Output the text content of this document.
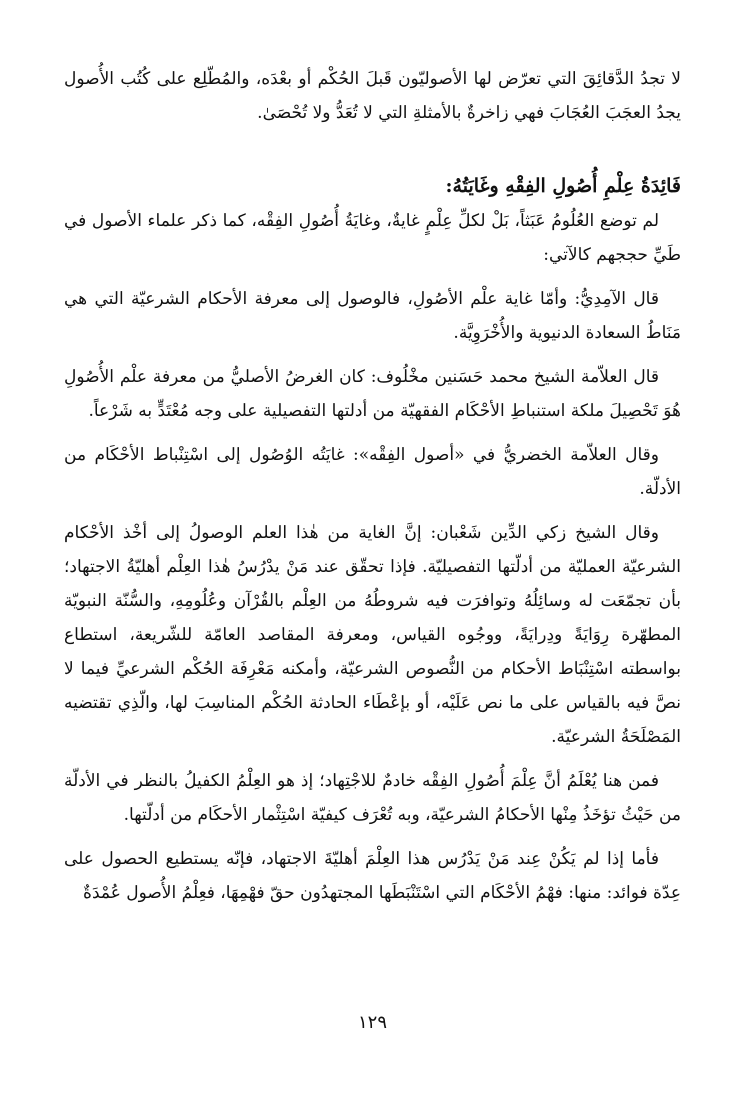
لا تجدُ الدَّقائِقَ التي تعرّض لها الأصوليّون قَبلَ الحُكْم أو بعْدَه، والمُطّلِع على كُتُب الأُصول يجدُ العجَبَ العُجَابَ فهي زاخرةٌ بالأمثلةِ التي لا تُعَدُّ ولا تُحْصَىٰ.

فَائِدَةُ عِلْمِ أُصُولِ الفِقْهِ وغَايَتُهُ:

لم توضع العُلُومُ عَبَثاً، بَلْ لكلِّ عِلْمٍ غايةٌ، وغايَةُ أُصُولِ الفِقْه، كما ذكر علماء الأصول في طَيِّ حججهم كالآتي:

قال الآمِدِيُّ: وأمّا غاية علْم الأصُولِ، فالوصول إلى معرفة الأحكام الشرعيّة التي هي مَنَاطُ السعادة الدنيوية والأُخْرَوِيَّة.

قال العلاّمة الشيخ محمد حَسَنين مخْلُوف: كان الغرضُ الأصليُّ من معرفة علْم الأُصُولِ هُوَ تَحْصِيلَ ملكة استنباطِ الأحْكَام الفقهيّة من أدلتها التفصيلية على وجه مُعْتَدٍّ به شَرْعاً.

وقال العلاّمة الخضريُّ في «أصول الفِقْه»: غايَتُه الوُصُول إلى اسْتِنْباط الأحْكَام من الأدلّة.

وقال الشيخ زكي الدِّين شَعْبان: إنَّ الغاية من هٰذا العلم الوصولُ إلى أخْذ الأحْكام الشرعيّة العمليّة من أدلّتها التفصيليّة. فإذا تحقّق عند مَنْ يدْرُسُ هٰذا العِلْم أهليّةُ الاجتهاد؛ بأن تجمّعَت له وسائِلُهُ وتوافرَت فيه شروطُهُ من العِلْم بالقُرْآن وعُلُومِهِ، والسُّنّة النبويّة المطهّرة رِوَايَةً ودِرايَةً، ووجُوه القياس، ومعرفة المقاصد العامّة للشّريعة، استطاع بواسطته اسْتِنْبَاط الأحكام من النُّصوص الشرعيّة، وأمكنه مَعْرِفَة الحُكْم الشرعيِّ فيما لا نصَّ فيه بالقياس على ما نص عَلَيْه، أو بإعْطَاء الحادثة الحُكْم المناسِبَ لها، والّذِي تقتضيه المَصْلَحَةُ الشرعيّة.

فمن هنا يُعْلَمُ أنَّ عِلْمَ أُصُولِ الفِقْه خادمٌ للاجْتِهاد؛ إذ هو العِلْمُ الكفيلُ بالنظر في الأدلّة من حَيْثُ تؤخَذُ مِنْها الأحكامُ الشرعيّة، وبه تُعْرَف كيفيّة اسْتِثْمار الأحكَام من أدلّتها.

فأما إذا لم يَكُنْ عِند مَنْ يَدْرُس هذا العِلْمَ أهليّةَ الاجتهاد، فإنّه يستطيع الحصول على عِدّة فوائد: منها: فهْمُ الأحْكَام التي اسْتَنْبَطَها المجتهدُون حقّ فهْمِهَا، فعِلْمُ الأُصول عُمْدَةٌ

١٢٩
